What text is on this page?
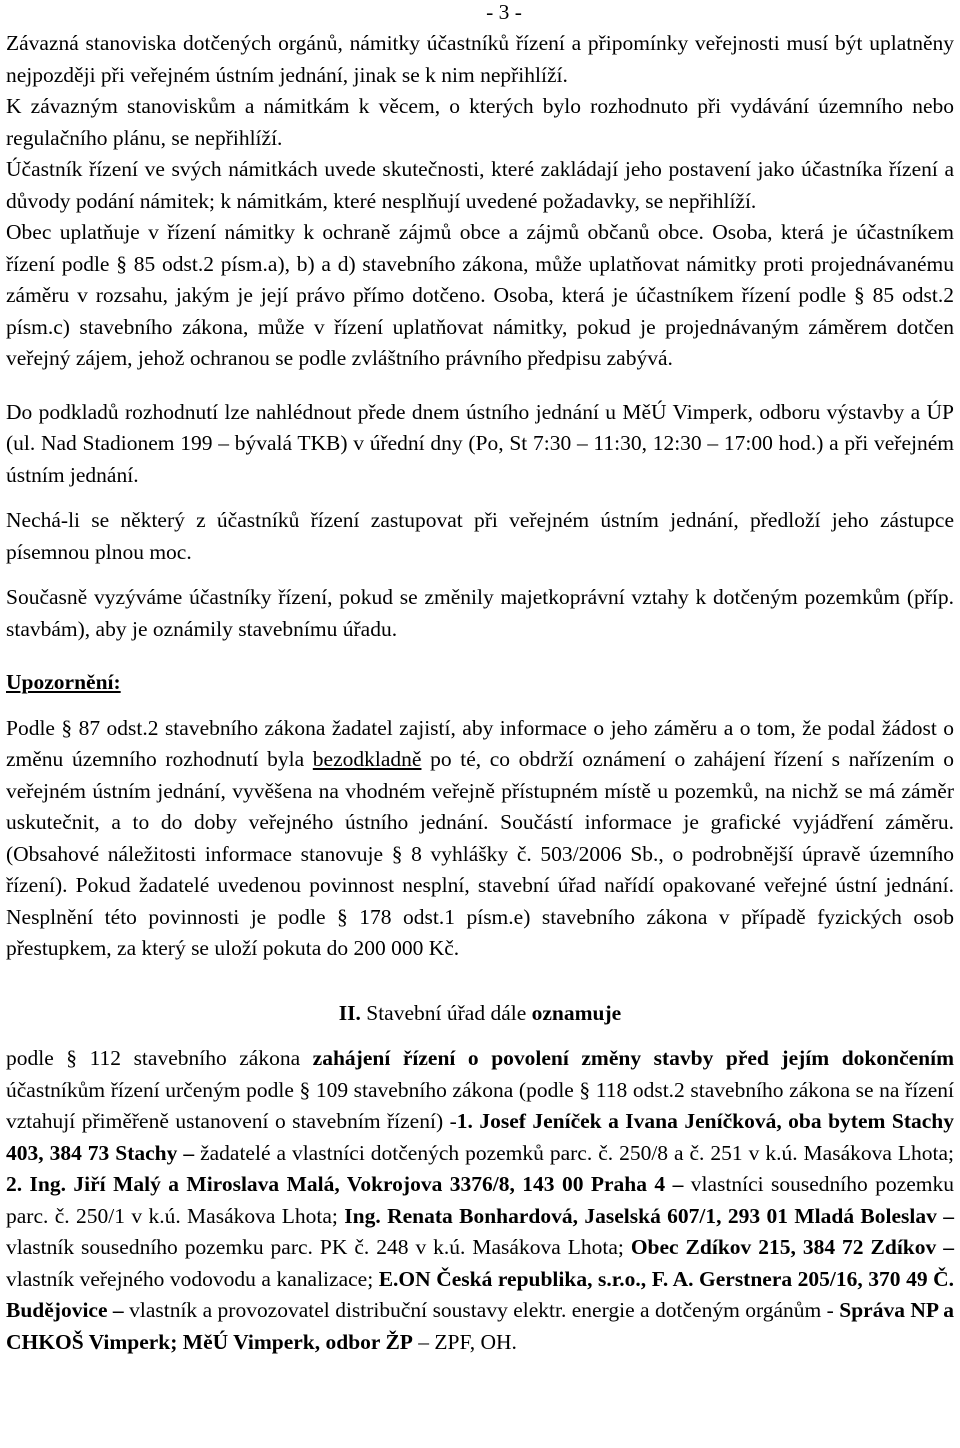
- 3 -

Závazná stanoviska dotčených orgánů, námitky účastníků řízení a připomínky veřejnosti musí být uplatněny nejpozději při veřejném ústním jednání, jinak se k nim nepřihlíží.

K závazným stanoviskům a námitkám k věcem, o kterých bylo rozhodnuto při vydávání územního nebo regulačního plánu, se nepřihlíží.

Účastník řízení ve svých námitkách uvede skutečnosti, které zakládají jeho postavení jako účastníka řízení a důvody podání námitek; k námitkám, které nesplňují uvedené požadavky, se nepřihlíží.

Obec uplatňuje v řízení námitky k ochraně zájmů obce a zájmů občanů obce. Osoba, která je účastníkem řízení podle § 85 odst.2 písm.a), b) a d) stavebního zákona, může uplatňovat námitky proti projednávanému záměru v rozsahu, jakým je její právo přímo dotčeno. Osoba, která je účastníkem řízení podle § 85 odst.2 písm.c) stavebního zákona, může v řízení uplatňovat námitky, pokud je projednávaným záměrem dotčen veřejný zájem, jehož ochranou se podle zvláštního právního předpisu zabývá.

Do podkladů rozhodnutí lze nahlédnout přede dnem ústního jednání u MěÚ Vimperk, odboru výstavby a ÚP (ul. Nad Stadionem 199 – bývalá TKB) v úřední dny (Po, St 7:30 – 11:30, 12:30 – 17:00 hod.) a při veřejném ústním jednání.

Nechá-li se některý z účastníků řízení zastupovat při veřejném ústním jednání, předloží jeho zástupce písemnou plnou moc.

Současně vyzýváme účastníky řízení, pokud se změnily majetkoprávní vztahy k dotčeným pozemkům (příp. stavbám), aby je oznámily stavebnímu úřadu.

Upozornění:

Podle § 87 odst.2 stavebního zákona žadatel zajistí, aby informace o jeho záměru a o tom, že podal žádost o změnu územního rozhodnutí byla bezodkladně po té, co obdrží oznámení o zahájení řízení s nařízením o veřejném ústním jednání, vyvěšena na vhodném veřejně přístupném místě u pozemků, na nichž se má záměr uskutečnit, a to do doby veřejného ústního jednání. Součástí informace je grafické vyjádření záměru. (Obsahové náležitosti informace stanovuje § 8 vyhlášky č. 503/2006 Sb., o podrobnější úpravě územního řízení). Pokud žadatelé uvedenou povinnost nesplní, stavební úřad nařídí opakované veřejné ústní jednání. Nesplnění této povinnosti je podle § 178 odst.1 písm.e) stavebního zákona v případě fyzických osob přestupkem, za který se uloží pokuta do 200 000 Kč.

II. Stavební úřad dále oznamuje

podle § 112 stavebního zákona zahájení řízení o povolení změny stavby před jejím dokončením účastníkům řízení určeným podle § 109 stavebního zákona (podle § 118 odst.2 stavebního zákona se na řízení vztahují přiměřeně ustanovení o stavebním řízení) -1. Josef Jeníček a Ivana Jeníčková, oba bytem Stachy 403, 384 73 Stachy – žadatelé a vlastníci dotčených pozemků parc. č. 250/8 a č. 251 v k.ú. Masákova Lhota; 2. Ing. Jiří Malý a Miroslava Malá, Vokrojova 3376/8, 143 00 Praha 4 – vlastníci sousedního pozemku parc. č. 250/1 v k.ú. Masákova Lhota; Ing. Renata Bonhardová, Jaselská 607/1, 293 01 Mladá Boleslav – vlastník sousedního pozemku parc. PK č. 248 v k.ú. Masákova Lhota; Obec Zdíkov 215, 384 72 Zdíkov – vlastník veřejného vodovodu a kanalizace; E.ON Česká republika, s.r.o., F. A. Gerstnera 205/16, 370 49 Č. Budějovice – vlastník a provozovatel distribuční soustavy elektr. energie a dotčeným orgánům - Správa NP a CHKOŠ Vimperk; MěÚ Vimperk, odbor ŽP – ZPF, OH.
